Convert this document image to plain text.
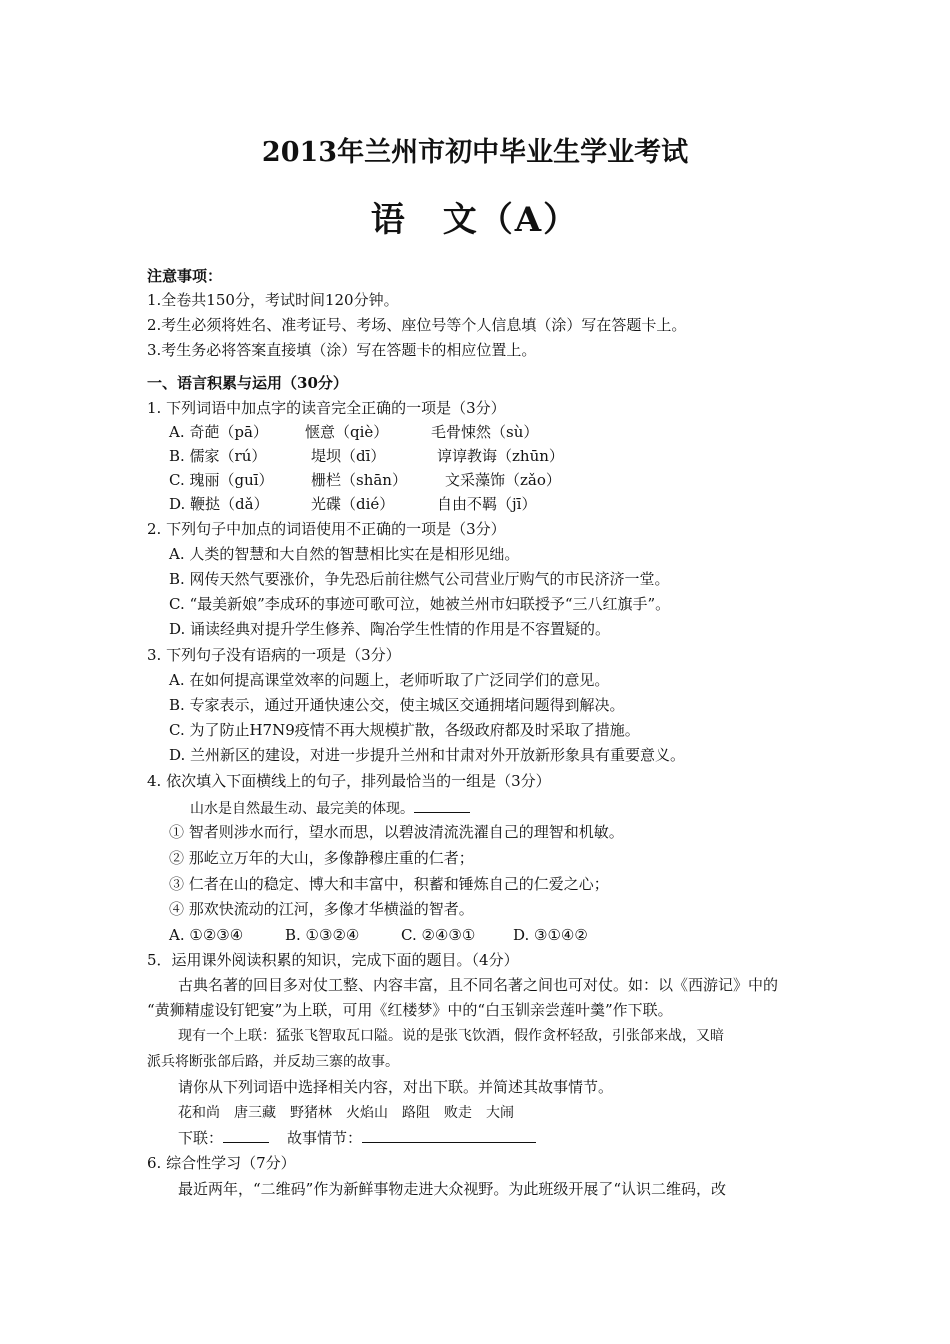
2013年兰州市初中毕业生学业考试
语　文（A）
注意事项：
1.全卷共150分，考试时间120分钟。
2.考生必须将姓名、准考证号、考场、座位号等个人信息填（涂）写在答题卡上。
3.考生务必将答案直接填（涂）写在答题卡的相应位置上。
一、语言积累与运用（30分）
1. 下列词语中加点字的读音完全正确的一项是（3分）
A. 奇葩（pā） 惬意（qiè）	毛骨悚然（sù）
B. 儒家（rú）	堤坝（dī）	谆谆教诲（zhūn）
C. 瑰丽（guī） 栅栏（shān）	文采藻饰（zǎo）
D. 鞭挞（dǎ）	光碟（dié）	自由不羁（jī）
2. 下列句子中加点的词语使用不正确的一项是（3分）
A. 人类的智慧和大自然的智慧相比实在是相形见绌。
B. 网传天然气要涨价，争先恐后前往燃气公司营业厅购气的市民济济一堂。
C. “最美新娘”李成环的事迹可歌可泣，她被兰州市妇联授予“三八红旗手”。
D. 诵读经典对提升学生修养、陶冶学生性情的作用是不容置疑的。
3. 下列句子没有语病的一项是（3分）
A. 在如何提高课堂效率的问题上，老师听取了广泛同学们的意见。
B. 专家表示，通过开通快速公交，使主城区交通拥堵问题得到解决。
C. 为了防止H7N9疫情不再大规模扩散，各级政府都及时采取了措施。
D. 兰州新区的建设，对进一步提升兰州和甘肃对外开放新形象具有重要意义。
4. 依次填入下面横线上的句子，排列最恰当的一组是（3分）
山水是自然最生动、最完美的体现。
① 智者则涉水而行，望水而思，以碧波清流洗濯自己的理智和机敏。
② 那屹立万年的大山，多像静穆庄重的仁者；
③ 仁者在山的稳定、博大和丰富中，积蓄和锤炼自己的仁爱之心；
④ 那欢快流动的江河，多像才华横溢的智者。
A. ①②③④	B. ①③②④	C. ②④③①	D. ③①④②
5．运用课外阅读积累的知识，完成下面的题目。（4分）
古典名著的回目多对仗工整、内容丰富，且不同名著之间也可对仗。如：以《西游记》中的
“黄狮精虚设钉钯宴”为上联，可用《红楼梦》中的“白玉钏亲尝莲叶羹”作下联。
现有一个上联：猛张飞智取瓦口隘。说的是张飞饮酒，假作贪杯轻敌，引张郃来战，又暗
派兵将断张郃后路，并反劫三寨的故事。
请你从下列词语中选择相关内容，对出下联。并简述其故事情节。
花和尚　唐三藏　野猪林　火焰山　路阻　败走　大闹
下联：	故事情节：
6. 综合性学习（7分）
最近两年，“二维码”作为新鲜事物走进大众视野。为此班级开展了“认识二维码，改
